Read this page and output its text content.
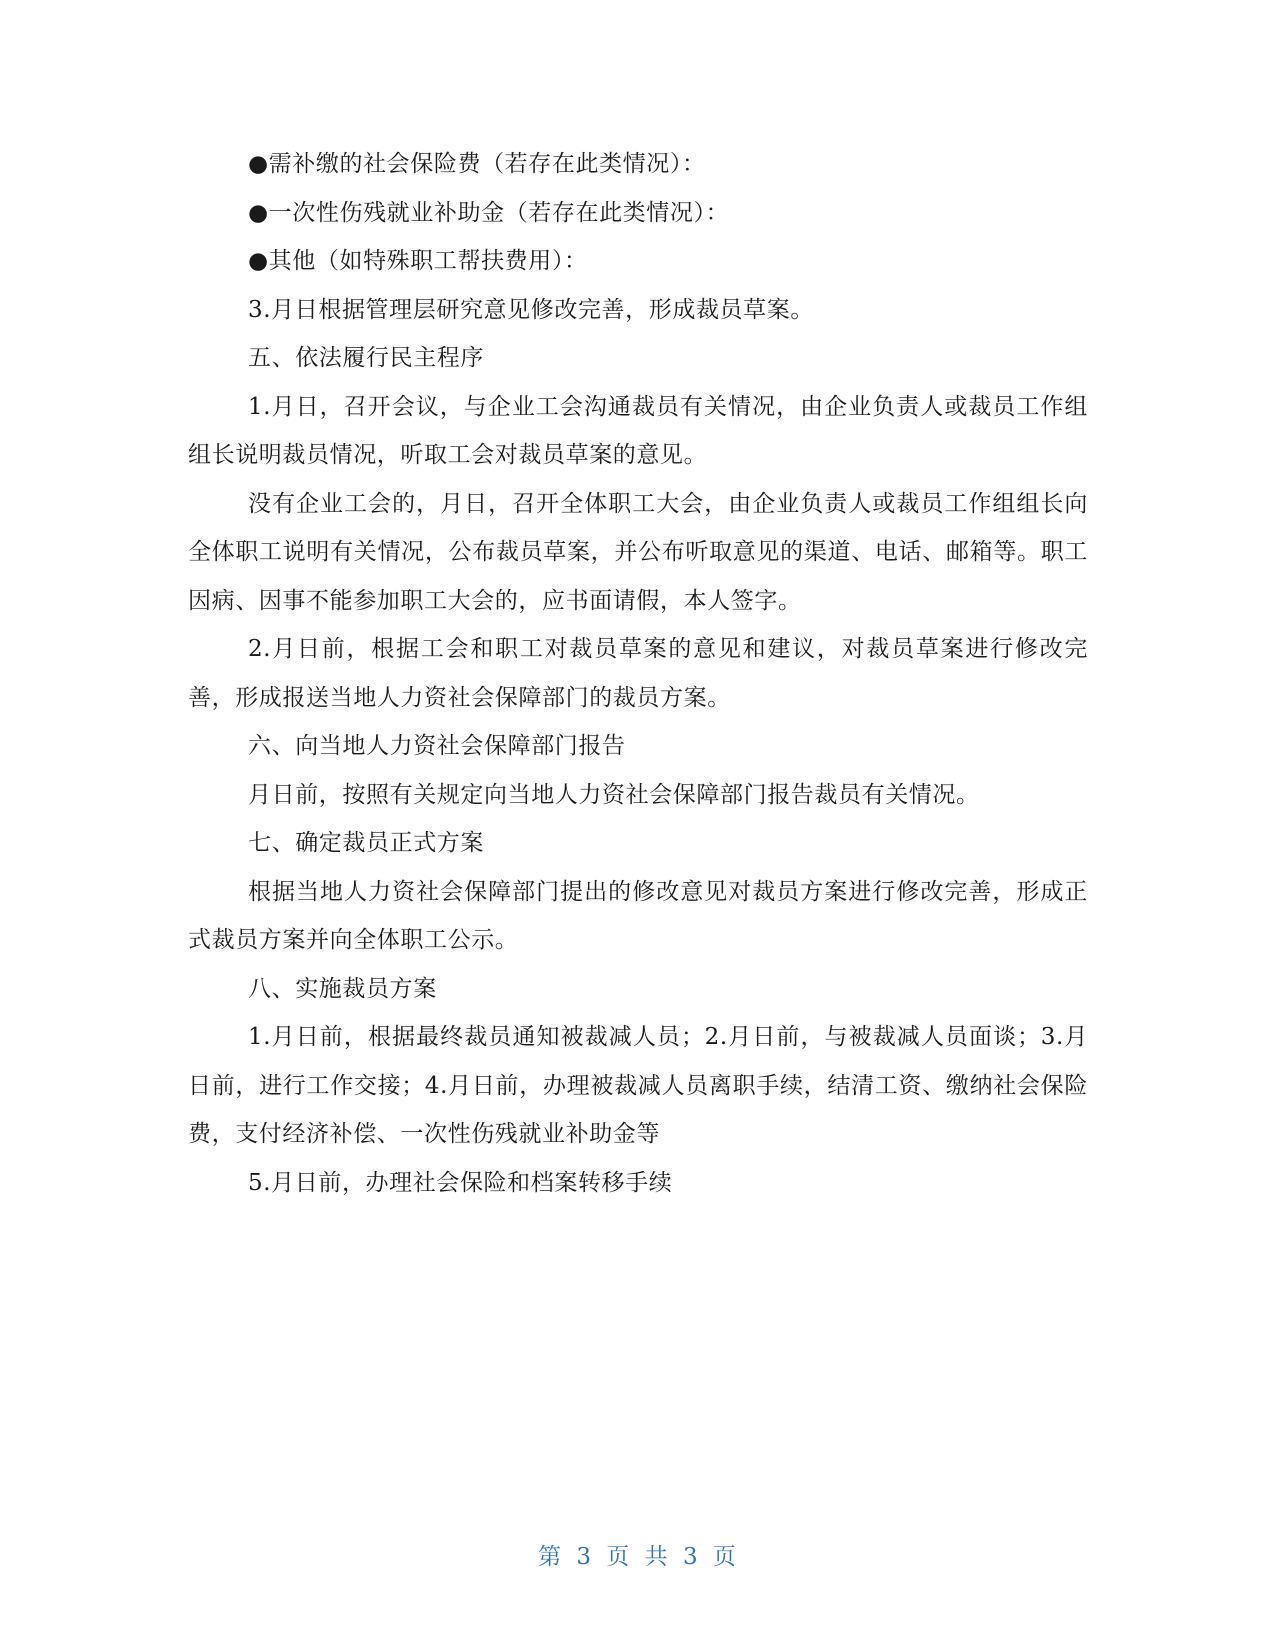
●需补缴的社会保险费（若存在此类情况）：

●一次性伤残就业补助金（若存在此类情况）：

●其他（如特殊职工帮扶费用）：

3.月日根据管理层研究意见修改完善，形成裁员草案。

五、依法履行民主程序

1.月日，召开会议，与企业工会沟通裁员有关情况，由企业负责人或裁员工作组组长说明裁员情况，听取工会对裁员草案的意见。

没有企业工会的，月日，召开全体职工大会，由企业负责人或裁员工作组组长向全体职工说明有关情况，公布裁员草案，并公布听取意见的渠道、电话、邮箱等。职工因病、因事不能参加职工大会的，应书面请假，本人签字。

2.月日前，根据工会和职工对裁员草案的意见和建议，对裁员草案进行修改完善，形成报送当地人力资社会保障部门的裁员方案。

六、向当地人力资社会保障部门报告

月日前，按照有关规定向当地人力资社会保障部门报告裁员有关情况。

七、确定裁员正式方案

根据当地人力资社会保障部门提出的修改意见对裁员方案进行修改完善，形成正式裁员方案并向全体职工公示。

八、实施裁员方案

1.月日前，根据最终裁员通知被裁减人员；2.月日前，与被裁减人员面谈；3.月日前，进行工作交接；4.月日前，办理被裁减人员离职手续，结清工资、缴纳社会保险费，支付经济补偿、一次性伤残就业补助金等

5.月日前，办理社会保险和档案转移手续

第 3 页 共 3 页
